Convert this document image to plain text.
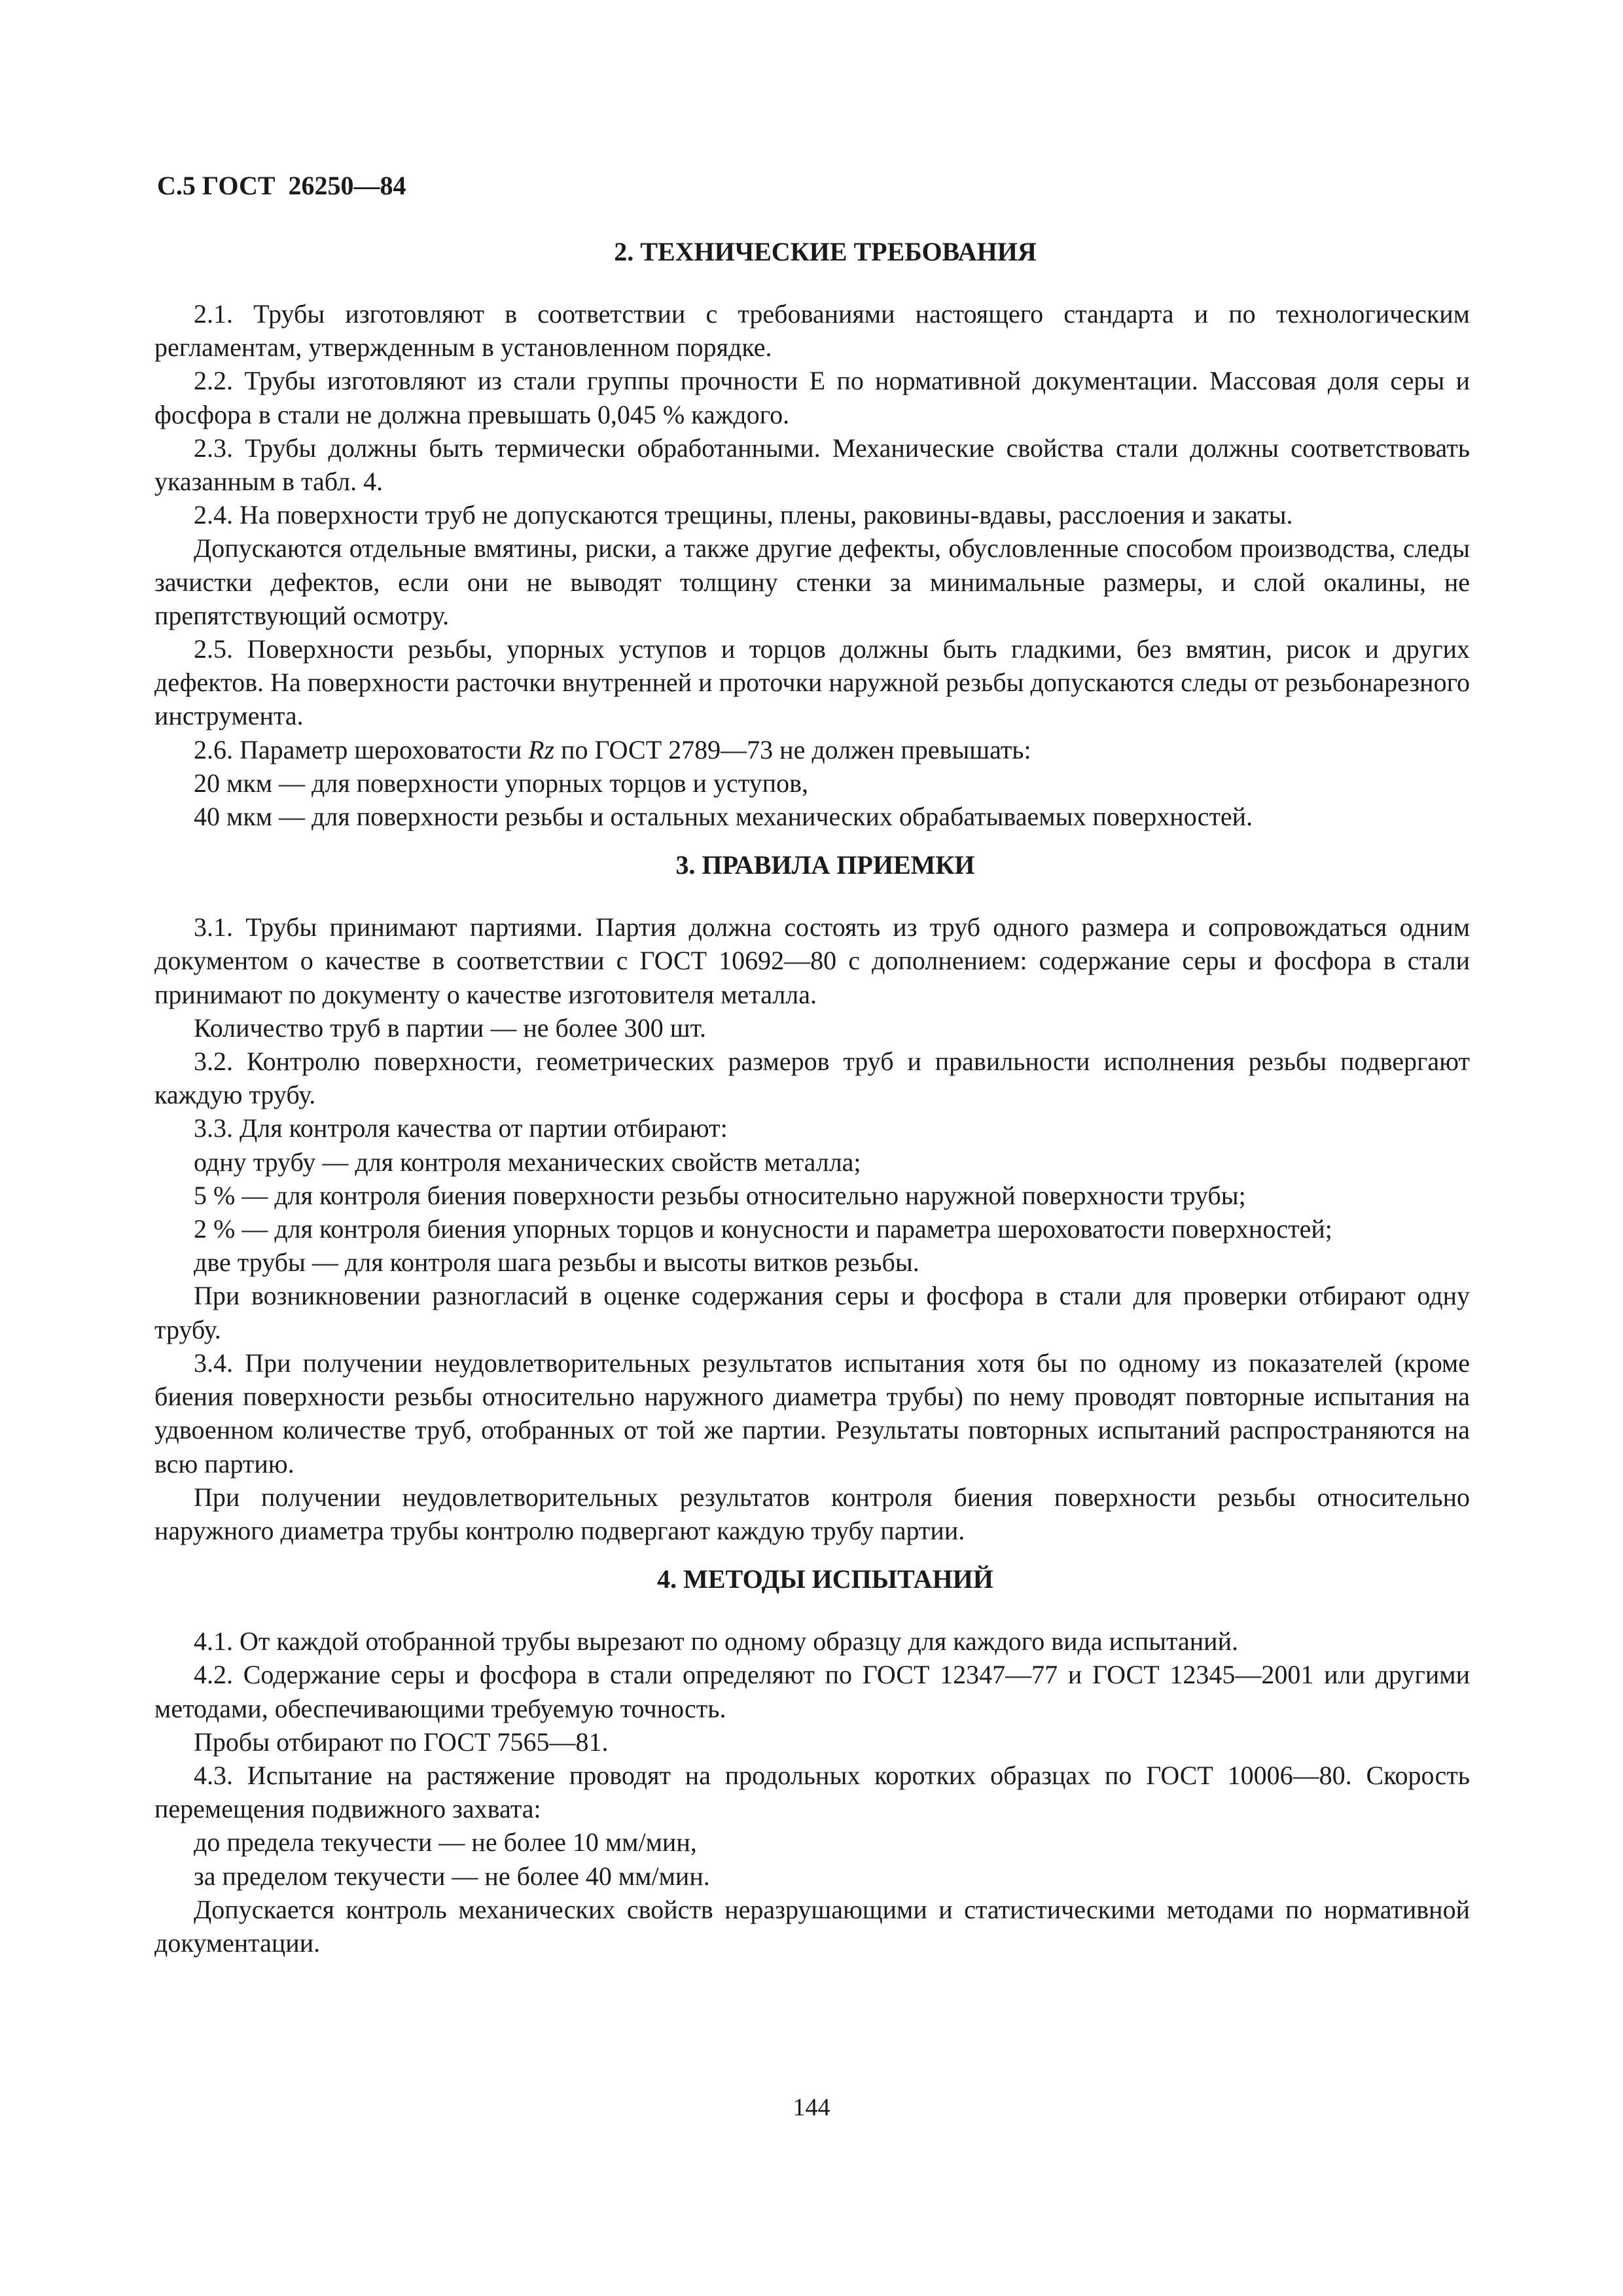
С.5 ГОСТ  26250—84
2. ТЕХНИЧЕСКИЕ ТРЕБОВАНИЯ

2.1. Трубы изготовляют в соответствии с требованиями настоящего стандарта и по технологическим регламентам, утвержденным в установленном порядке.

2.2. Трубы изготовляют из стали группы прочности Е по нормативной документации. Массовая доля серы и фосфора в стали не должна превышать 0,045 % каждого.

2.3. Трубы должны быть термически обработанными. Механические свойства стали должны соответствовать указанным в табл. 4.

2.4. На поверхности труб не допускаются трещины, плены, раковины-вдавы, расслоения и закаты.

Допускаются отдельные вмятины, риски, а также другие дефекты, обусловленные способом производства, следы зачистки дефектов, если они не выводят толщину стенки за минимальные размеры, и слой окалины, не препятствующий осмотру.

2.5. Поверхности резьбы, упорных уступов и торцов должны быть гладкими, без вмятин, рисок и других дефектов. На поверхности расточки внутренней и проточки наружной резьбы допускаются следы от резьбонарезного инструмента.

2.6. Параметр шероховатости Rz по ГОСТ 2789—73 не должен превышать:

20 мкм — для поверхности упорных торцов и уступов,

40 мкм — для поверхности резьбы и остальных механических обрабатываемых поверхностей.

3. ПРАВИЛА ПРИЕМКИ

3.1. Трубы принимают партиями. Партия должна состоять из труб одного размера и сопровождаться одним документом о качестве в соответствии с ГОСТ 10692—80 с дополнением: содержание серы и фосфора в стали принимают по документу о качестве изготовителя металла.

Количество труб в партии — не более 300 шт.

3.2. Контролю поверхности, геометрических размеров труб и правильности исполнения резьбы подвергают каждую трубу.

3.3. Для контроля качества от партии отбирают:

одну трубу — для контроля механических свойств металла;

5 % — для контроля биения поверхности резьбы относительно наружной поверхности трубы;

2 % — для контроля биения упорных торцов и конусности и параметра шероховатости поверхностей;

две трубы — для контроля шага резьбы и высоты витков резьбы.

При возникновении разногласий в оценке содержания серы и фосфора в стали для проверки отбирают одну трубу.

3.4. При получении неудовлетворительных результатов испытания хотя бы по одному из показателей (кроме биения поверхности резьбы относительно наружного диаметра трубы) по нему проводят повторные испытания на удвоенном количестве труб, отобранных от той же партии. Результаты повторных испытаний распространяются на всю партию.

При получении неудовлетворительных результатов контроля биения поверхности резьбы относительно наружного диаметра трубы контролю подвергают каждую трубу партии.

4. МЕТОДЫ ИСПЫТАНИЙ

4.1. От каждой отобранной трубы вырезают по одному образцу для каждого вида испытаний.

4.2. Содержание серы и фосфора в стали определяют по ГОСТ 12347—77 и ГОСТ 12345—2001 или другими методами, обеспечивающими требуемую точность.

Пробы отбирают по ГОСТ 7565—81.

4.3. Испытание на растяжение проводят на продольных коротких образцах по ГОСТ 10006—80. Скорость перемещения подвижного захвата:

до предела текучести — не более 10 мм/мин,

за пределом текучести — не более 40 мм/мин.

Допускается контроль механических свойств неразрушающими и статистическими методами по нормативной документации.

144
